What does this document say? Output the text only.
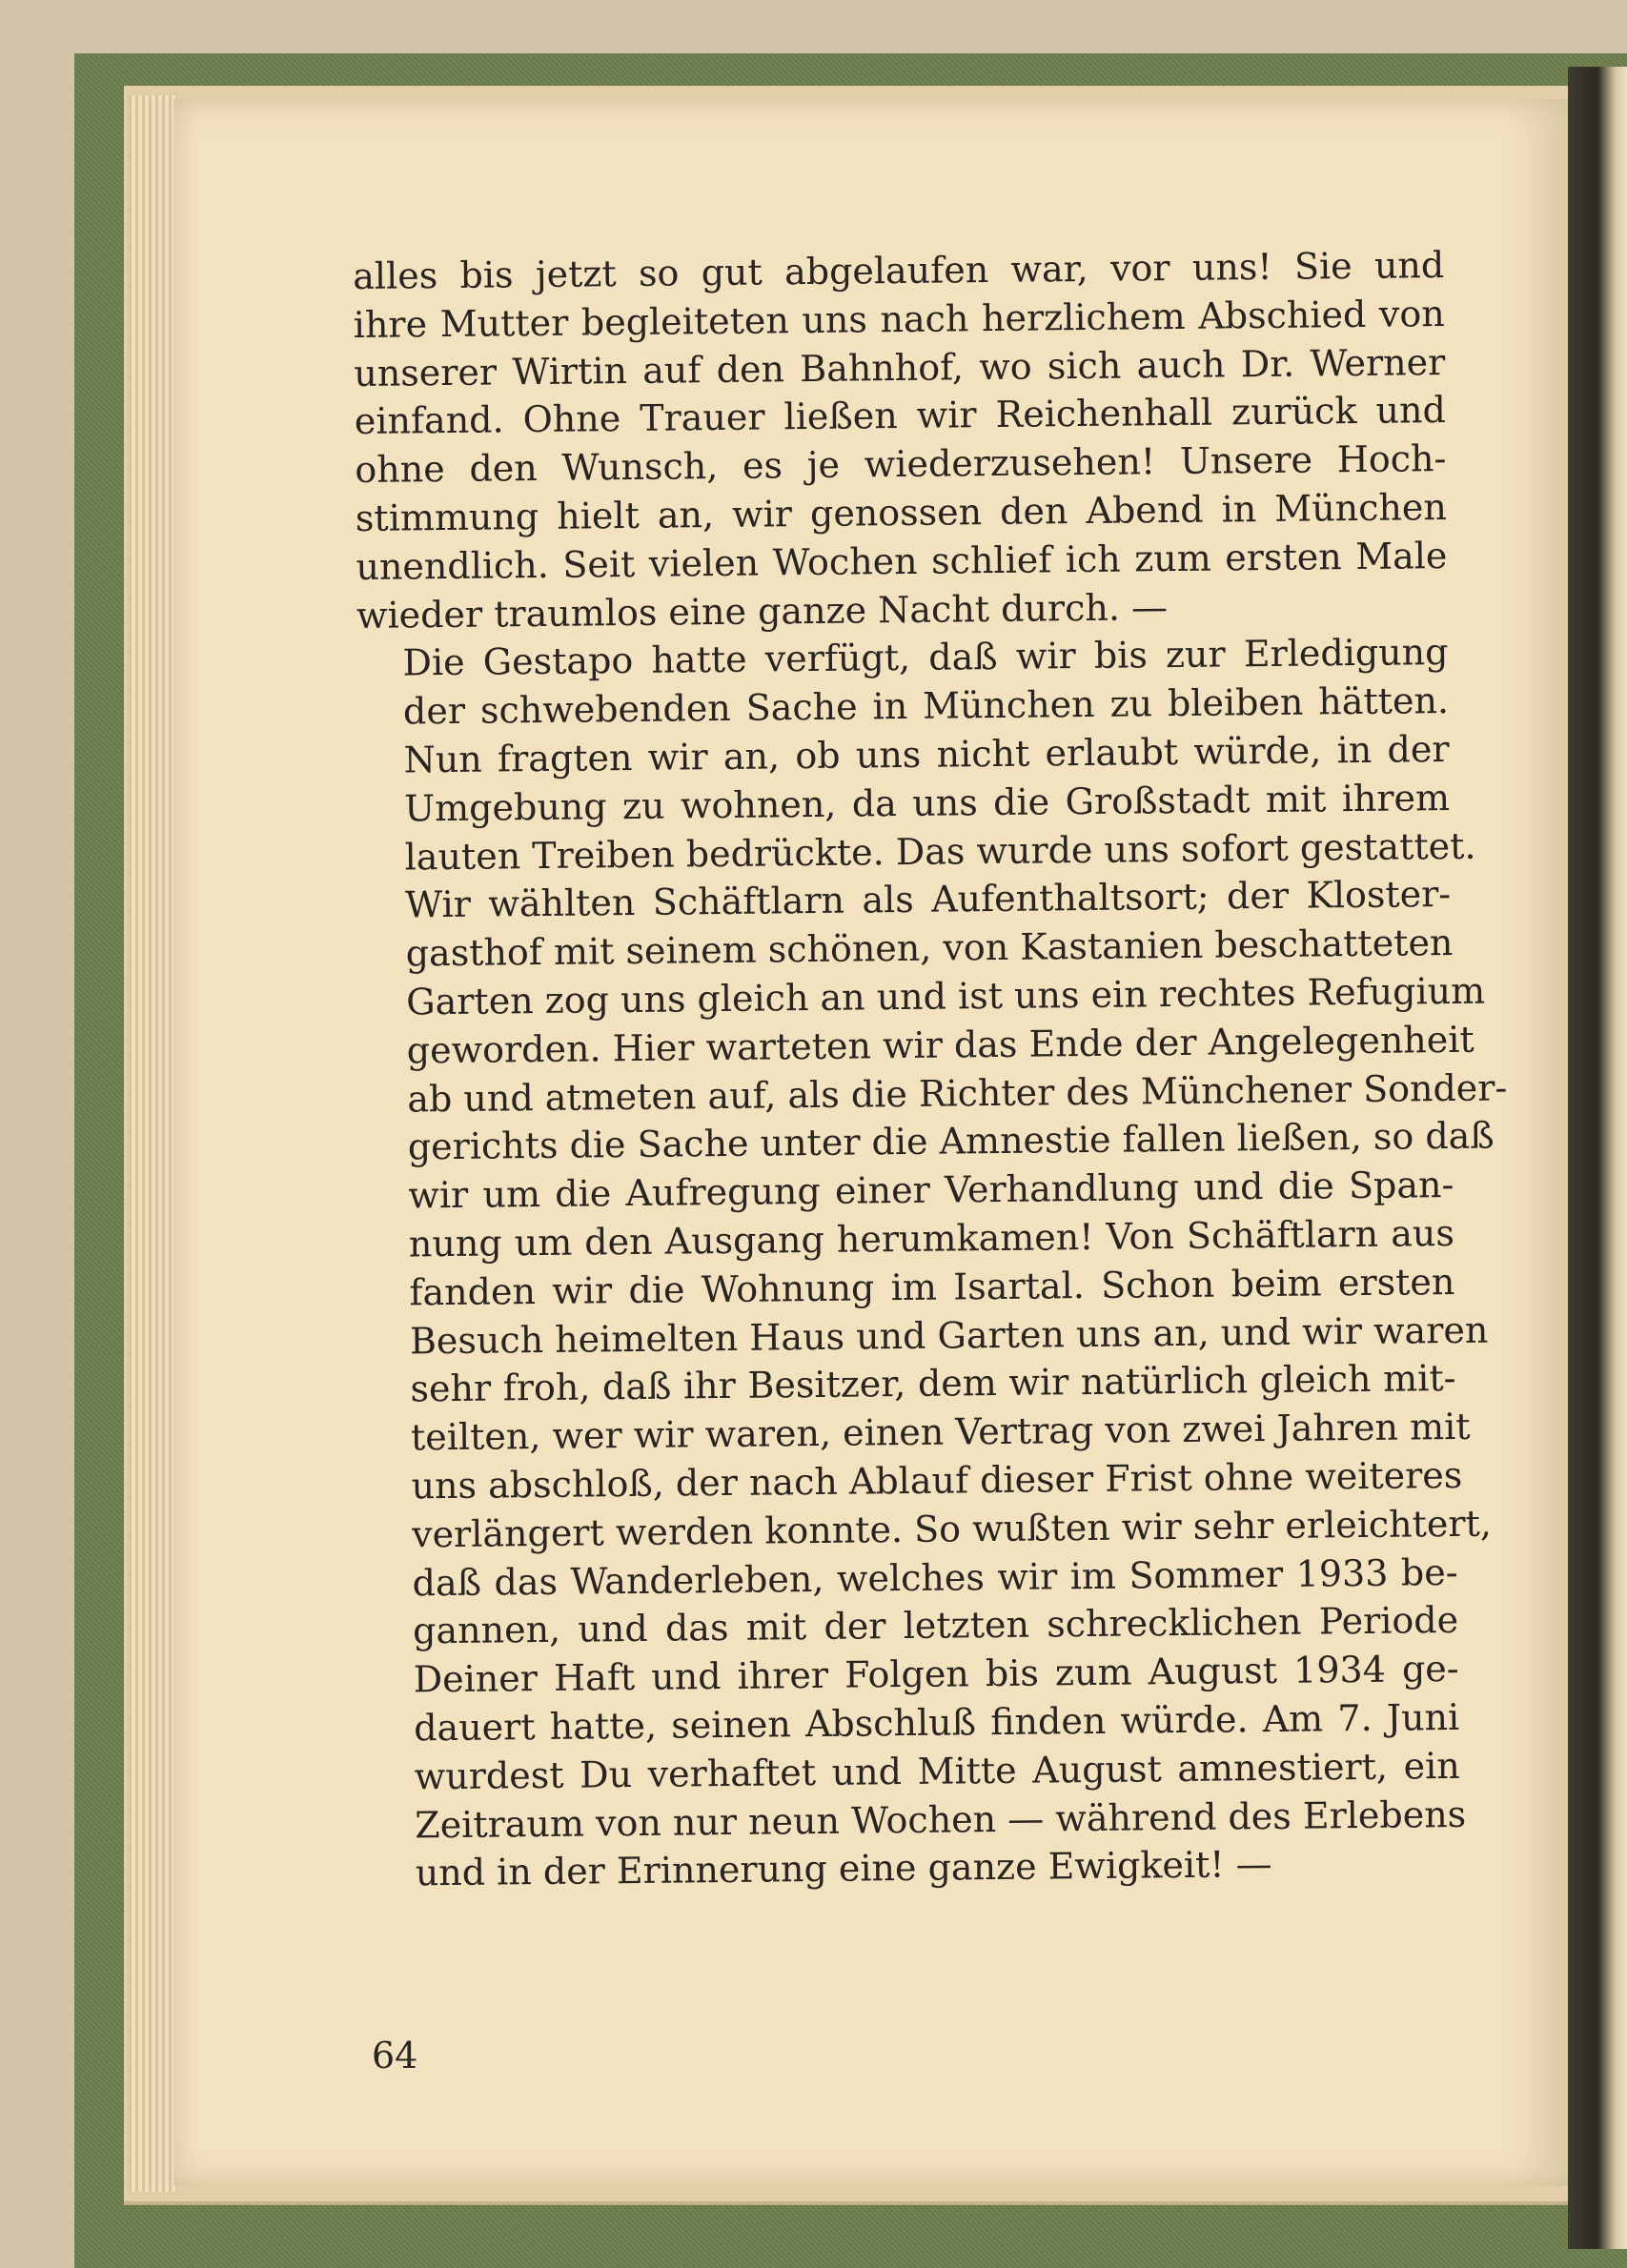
alles bis jetzt so gut abgelaufen war, vor uns! Sie und
ihre Mutter begleiteten uns nach herzlichem Abschied von
unserer Wirtin auf den Bahnhof, wo sich auch Dr. Werner
einfand. Ohne Trauer ließen wir Reichenhall zurück und
ohne den Wunsch, es je wiederzusehen! Unsere Hoch-
stimmung hielt an, wir genossen den Abend in München
unendlich. Seit vielen Wochen schlief ich zum ersten Male
wieder traumlos eine ganze Nacht durch. —

Die Gestapo hatte verfügt, daß wir bis zur Erledigung
der schwebenden Sache in München zu bleiben hätten.
Nun fragten wir an, ob uns nicht erlaubt würde, in der
Umgebung zu wohnen, da uns die Großstadt mit ihrem
lauten Treiben bedrückte. Das wurde uns sofort gestattet.
Wir wählten Schäftlarn als Aufenthaltsort; der Kloster-
gasthof mit seinem schönen, von Kastanien beschatteten
Garten zog uns gleich an und ist uns ein rechtes Refugium
geworden. Hier warteten wir das Ende der Angelegenheit
ab und atmeten auf, als die Richter des Münchener Sonder-
gerichts die Sache unter die Amnestie fallen ließen, so daß
wir um die Aufregung einer Verhandlung und die Span-
nung um den Ausgang herumkamen! Von Schäftlarn aus
fanden wir die Wohnung im Isartal. Schon beim ersten
Besuch heimelten Haus und Garten uns an, und wir waren
sehr froh, daß ihr Besitzer, dem wir natürlich gleich mit-
teilten, wer wir waren, einen Vertrag von zwei Jahren mit
uns abschloß, der nach Ablauf dieser Frist ohne weiteres
verlängert werden konnte. So wußten wir sehr erleichtert,
daß das Wanderleben, welches wir im Sommer 1933 be-
gannen, und das mit der letzten schrecklichen Periode
Deiner Haft und ihrer Folgen bis zum August 1934 ge-
dauert hatte, seinen Abschluß finden würde. Am 7. Juni
wurdest Du verhaftet und Mitte August amnestiert, ein
Zeitraum von nur neun Wochen — während des Erlebens
und in der Erinnerung eine ganze Ewigkeit! —

64
